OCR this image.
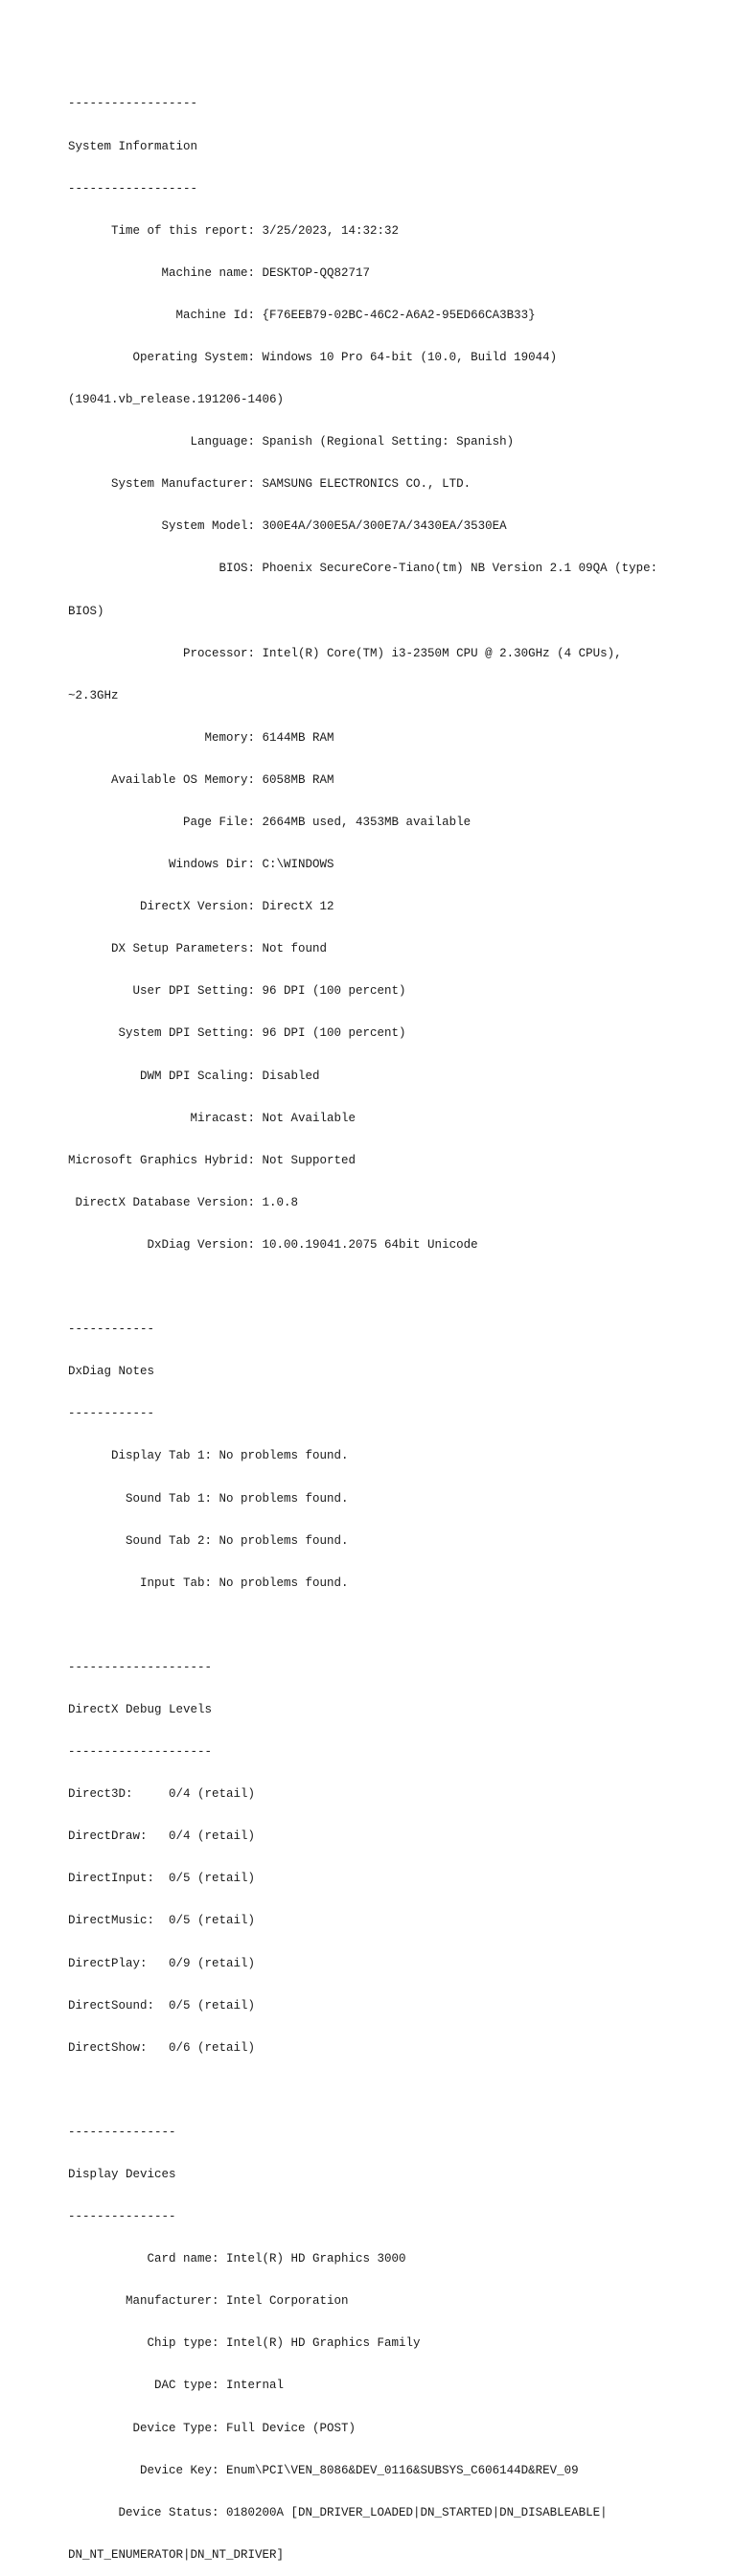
------------------

System Information

------------------

Time of this report: 3/25/2023, 14:32:32

Machine name: DESKTOP-QQ82717

Machine Id: {F76EEB79-02BC-46C2-A6A2-95ED66CA3B33}

Operating System: Windows 10 Pro 64-bit (10.0, Build 19044)

(19041.vb_release.191206-1406)

Language: Spanish (Regional Setting: Spanish)

System Manufacturer: SAMSUNG ELECTRONICS CO., LTD.

System Model: 300E4A/300E5A/300E7A/3430EA/3530EA

BIOS: Phoenix SecureCore-Tiano(tm) NB Version 2.1 09QA (type:

BIOS)

Processor: Intel(R) Core(TM) i3-2350M CPU @ 2.30GHz (4 CPUs),

~2.3GHz

Memory: 6144MB RAM

Available OS Memory: 6058MB RAM

Page File: 2664MB used, 4353MB available

Windows Dir: C:\WINDOWS

DirectX Version: DirectX 12

DX Setup Parameters: Not found

User DPI Setting: 96 DPI (100 percent)

System DPI Setting: 96 DPI (100 percent)

DWM DPI Scaling: Disabled

Miracast: Not Available

Microsoft Graphics Hybrid: Not Supported

DirectX Database Version: 1.0.8

DxDiag Version: 10.00.19041.2075 64bit Unicode

------------

DxDiag Notes

------------

Display Tab 1: No problems found.

Sound Tab 1: No problems found.

Sound Tab 2: No problems found.

Input Tab: No problems found.

--------------------

DirectX Debug Levels

--------------------

Direct3D:     0/4 (retail)

DirectDraw:   0/4 (retail)

DirectInput:  0/5 (retail)

DirectMusic:  0/5 (retail)

DirectPlay:   0/9 (retail)

DirectSound:  0/5 (retail)

DirectShow:   0/6 (retail)

---------------

Display Devices

---------------

Card name: Intel(R) HD Graphics 3000

Manufacturer: Intel Corporation

Chip type: Intel(R) HD Graphics Family

DAC type: Internal

Device Type: Full Device (POST)

Device Key: Enum\PCI\VEN_8086&DEV_0116&SUBSYS_C606144D&REV_09

Device Status: 0180200A [DN_DRIVER_LOADED|DN_STARTED|DN_DISABLEABLE|

DN_NT_ENUMERATOR|DN_NT_DRIVER]
